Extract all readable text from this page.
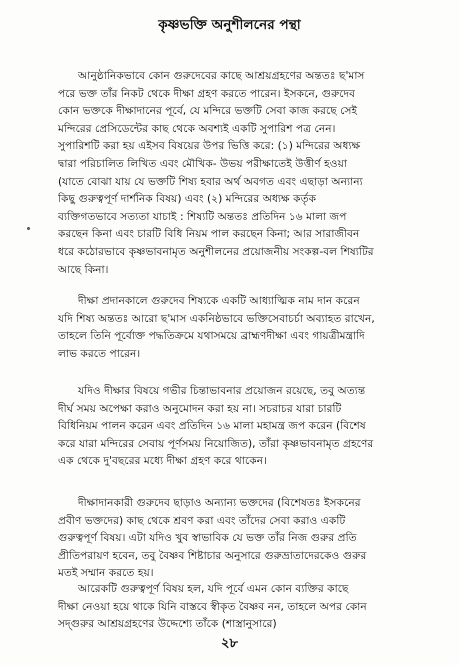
কৃষ্ণভক্তি অনুশীলনের পন্থা
আনুষ্ঠানিকভাবে কোন গুরুদেবের কাছে আশ্রয়গ্রহণের অন্ততঃ ছ'মাস
পরে ভক্ত তাঁর নিকট থেকে দীক্ষা গ্রহণ করতে পারেন। ইসকনে, গুরুদেব
কোন ভক্তকে দীক্ষাদানের পূর্বে, যে মন্দিরে ভক্তটি সেবা কাজ করছে সেই
মন্দিরের প্রেসিডেন্টের কাছ থেকে অবশ্যই একটি সুপারিশ পত্র নেন।
সুপারিশটি করা হয় এইসব বিষয়ের উপর ভিত্তি করে: (১) মন্দিরের অধ্যক্ষ
দ্বারা পরিচালিত লিখিত এবং মৌখিক- উভয় পরীক্ষাতেই উত্তীর্ণ হওয়া
(যাতে বোঝা যায় যে ভক্তটি শিষ্য হবার অর্থ অবগত এবং এছাড়া অন্যান্য
কিছু গুরুত্বপূর্ণ দার্শনিক বিষয়) এবং (২) মন্দিরের অধ্যক্ষ কর্তৃক
ব্যক্তিগতভাবে সত্যতা যাচাই : শিষ্যটি অন্ততঃ প্রতিদিন ১৬ মালা জপ
করছেন কিনা এবং চারটি বিধি নিয়ম পাল করছেন কিনা; আর সারাজীবন
ধরে কঠোরভাবে কৃষ্ণভাবনামৃত অনুশীলনের প্রয়োজনীয় সংকল্প-বল শিষ্যটির
আছে কিনা।
দীক্ষা প্রদানকালে গুরুদেব শিষ্যকে একটি আধ্যাত্মিক নাম দান করেন
যদি শিষ্য অন্ততঃ আরো ছ'মাস একনিষ্ঠভাবে ভক্তিসেবাচর্চা অব্যাহত রাখেন,
তাহলে তিনি পূর্বোক্ত পদ্ধতিক্রমে যথাসময়ে ব্রাহ্মণদীক্ষা এবং গায়ত্রীমন্ত্রাদি
লাভ করতে পারেন।
যদিও দীক্ষার বিষয়ে গভীর চিন্তাভাবনার প্রয়োজন রয়েছে, তবু অত্যন্ত
দীর্ঘ সময় অপেক্ষা করাও অনুমোদন করা হয় না। সচরাচর যারা চারটি
বিধিনিয়ম পালন করেন এবং প্রতিদিন ১৬ মালা মহামন্ত্র জপ করেন (বিশেষ
করে যারা মন্দিরের সেবায় পূর্ণসময় নিয়োজিত), তাঁরা কৃষ্ণভাবনামৃত গ্রহণের
এক থেকে দু'বছরের মধ্যে দীক্ষা গ্রহণ করে থাকেন।
দীক্ষাদানকারী গুরুদেব ছাড়াও অন্যান্য ভক্তদের (বিশেষতঃ ইসকনের
প্রবীণ ভক্তদের) কাছ থেকে শ্রবণ করা এবং তাঁদের সেবা করাও একটি
গুরুত্বপূর্ণ বিষয়। এটা যদিও খুব স্বাভাবিক যে ভক্ত তাঁর নিজ গুরুর প্রতি
প্রীতিপরায়ণ হবেন, তবু বৈষ্ণব শিষ্টাচার অনুসারে গুরুভ্রাতাদেরকেও গুরুর
মতই সম্মান করতে হয়।
আরেকটি গুরুত্বপূর্ণ বিষয় হল, যদি পূর্বে এমন কোন ব্যক্তির কাছে
দীক্ষা নেওয়া হয়ে থাকে যিনি বাস্তবে স্বীকৃত বৈষ্ণব নন, তাহলে অপর কোন
সদ্গুরুর আশ্রয়গ্রহণের উদ্দেশ্যে তাঁকে (শাস্ত্রানুসারে)
২৮
